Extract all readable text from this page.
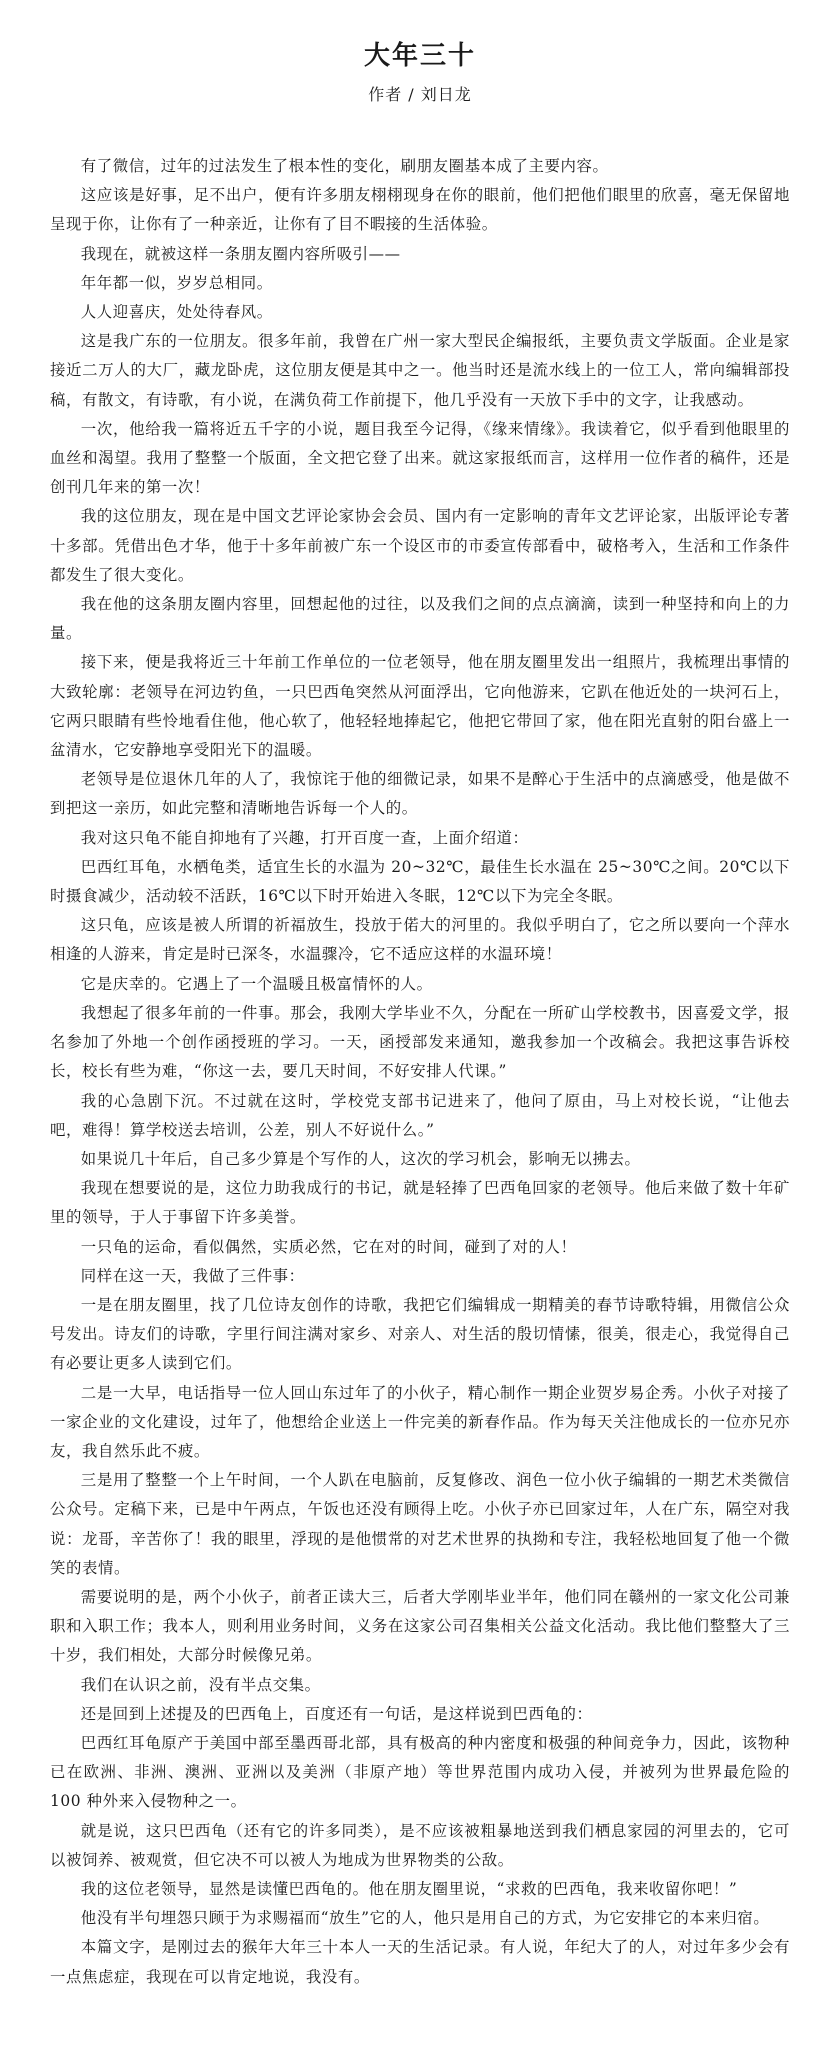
大年三十
作者 / 刘日龙

有了微信，过年的过法发生了根本性的变化，刷朋友圈基本成了主要内容。

这应该是好事，足不出户，便有许多朋友栩栩现身在你的眼前，他们把他们眼里的欣喜，毫无保留地呈现于你，让你有了一种亲近，让你有了目不暇接的生活体验。

我现在，就被这样一条朋友圈内容所吸引——

年年都一似，岁岁总相同。

人人迎喜庆，处处待春风。

这是我广东的一位朋友。很多年前，我曾在广州一家大型民企编报纸，主要负责文学版面。企业是家接近二万人的大厂，藏龙卧虎，这位朋友便是其中之一。他当时还是流水线上的一位工人，常向编辑部投稿，有散文，有诗歌，有小说，在满负荷工作前提下，他几乎没有一天放下手中的文字，让我感动。

一次，他给我一篇将近五千字的小说，题目我至今记得，《缘来情缘》。我读着它，似乎看到他眼里的血丝和渴望。我用了整整一个版面，全文把它登了出来。就这家报纸而言，这样用一位作者的稿件，还是创刊几年来的第一次！

我的这位朋友，现在是中国文艺评论家协会会员、国内有一定影响的青年文艺评论家，出版评论专著十多部。凭借出色才华，他于十多年前被广东一个设区市的市委宣传部看中，破格考入，生活和工作条件都发生了很大变化。

我在他的这条朋友圈内容里，回想起他的过往，以及我们之间的点点滴滴，读到一种坚持和向上的力量。

接下来，便是我将近三十年前工作单位的一位老领导，他在朋友圈里发出一组照片，我梳理出事情的大致轮廓：老领导在河边钓鱼，一只巴西龟突然从河面浮出，它向他游来，它趴在他近处的一块河石上，它两只眼睛有些怜地看住他，他心软了，他轻轻地捧起它，他把它带回了家，他在阳光直射的阳台盛上一盆清水，它安静地享受阳光下的温暖。

老领导是位退休几年的人了，我惊诧于他的细微记录，如果不是醉心于生活中的点滴感受，他是做不到把这一亲历，如此完整和清晰地告诉每一个人的。

我对这只龟不能自抑地有了兴趣，打开百度一查，上面介绍道：

巴西红耳龟，水栖龟类，适宜生长的水温为 20~32℃，最佳生长水温在 25~30℃之间。20℃以下时摄食减少，活动较不活跃，16℃以下时开始进入冬眠，12℃以下为完全冬眠。

这只龟，应该是被人所谓的祈福放生，投放于偌大的河里的。我似乎明白了，它之所以要向一个萍水相逢的人游来，肯定是时已深冬，水温骤冷，它不适应这样的水温环境！

它是庆幸的。它遇上了一个温暖且极富情怀的人。

我想起了很多年前的一件事。那会，我刚大学毕业不久，分配在一所矿山学校教书，因喜爱文学，报名参加了外地一个创作函授班的学习。一天，函授部发来通知，邀我参加一个改稿会。我把这事告诉校长，校长有些为难，“你这一去，要几天时间，不好安排人代课。”

我的心急剧下沉。不过就在这时，学校党支部书记进来了，他问了原由，马上对校长说，“让他去吧，难得！算学校送去培训，公差，别人不好说什么。”

如果说几十年后，自己多少算是个写作的人，这次的学习机会，影响无以拂去。

我现在想要说的是，这位力助我成行的书记，就是轻捧了巴西龟回家的老领导。他后来做了数十年矿里的领导，于人于事留下许多美誉。

一只龟的运命，看似偶然，实质必然，它在对的时间，碰到了对的人！

同样在这一天，我做了三件事：

一是在朋友圈里，找了几位诗友创作的诗歌，我把它们编辑成一期精美的春节诗歌特辑，用微信公众号发出。诗友们的诗歌，字里行间注满对家乡、对亲人、对生活的殷切情愫，很美，很走心，我觉得自己有必要让更多人读到它们。

二是一大早，电话指导一位人回山东过年了的小伙子，精心制作一期企业贺岁易企秀。小伙子对接了一家企业的文化建设，过年了，他想给企业送上一件完美的新春作品。作为每天关注他成长的一位亦兄亦友，我自然乐此不疲。

三是用了整整一个上午时间，一个人趴在电脑前，反复修改、润色一位小伙子编辑的一期艺术类微信公众号。定稿下来，已是中午两点，午饭也还没有顾得上吃。小伙子亦已回家过年，人在广东，隔空对我说：龙哥，辛苦你了！我的眼里，浮现的是他惯常的对艺术世界的执拗和专注，我轻松地回复了他一个微笑的表情。

需要说明的是，两个小伙子，前者正读大三，后者大学刚毕业半年，他们同在赣州的一家文化公司兼职和入职工作；我本人，则利用业务时间，义务在这家公司召集相关公益文化活动。我比他们整整大了三十岁，我们相处，大部分时候像兄弟。

我们在认识之前，没有半点交集。

还是回到上述提及的巴西龟上，百度还有一句话，是这样说到巴西龟的：

巴西红耳龟原产于美国中部至墨西哥北部，具有极高的种内密度和极强的种间竞争力，因此，该物种已在欧洲、非洲、澳洲、亚洲以及美洲（非原产地）等世界范围内成功入侵，并被列为世界最危险的 100 种外来入侵物种之一。

就是说，这只巴西龟（还有它的许多同类），是不应该被粗暴地送到我们栖息家园的河里去的，它可以被饲养、被观赏，但它决不可以被人为地成为世界物类的公敌。

我的这位老领导，显然是读懂巴西龟的。他在朋友圈里说，“求救的巴西龟，我来收留你吧！”

他没有半句埋怨只顾于为求赐福而“放生”它的人，他只是用自己的方式，为它安排它的本来归宿。

本篇文字，是刚过去的猴年大年三十本人一天的生活记录。有人说，年纪大了的人，对过年多少会有一点焦虑症，我现在可以肯定地说，我没有。
